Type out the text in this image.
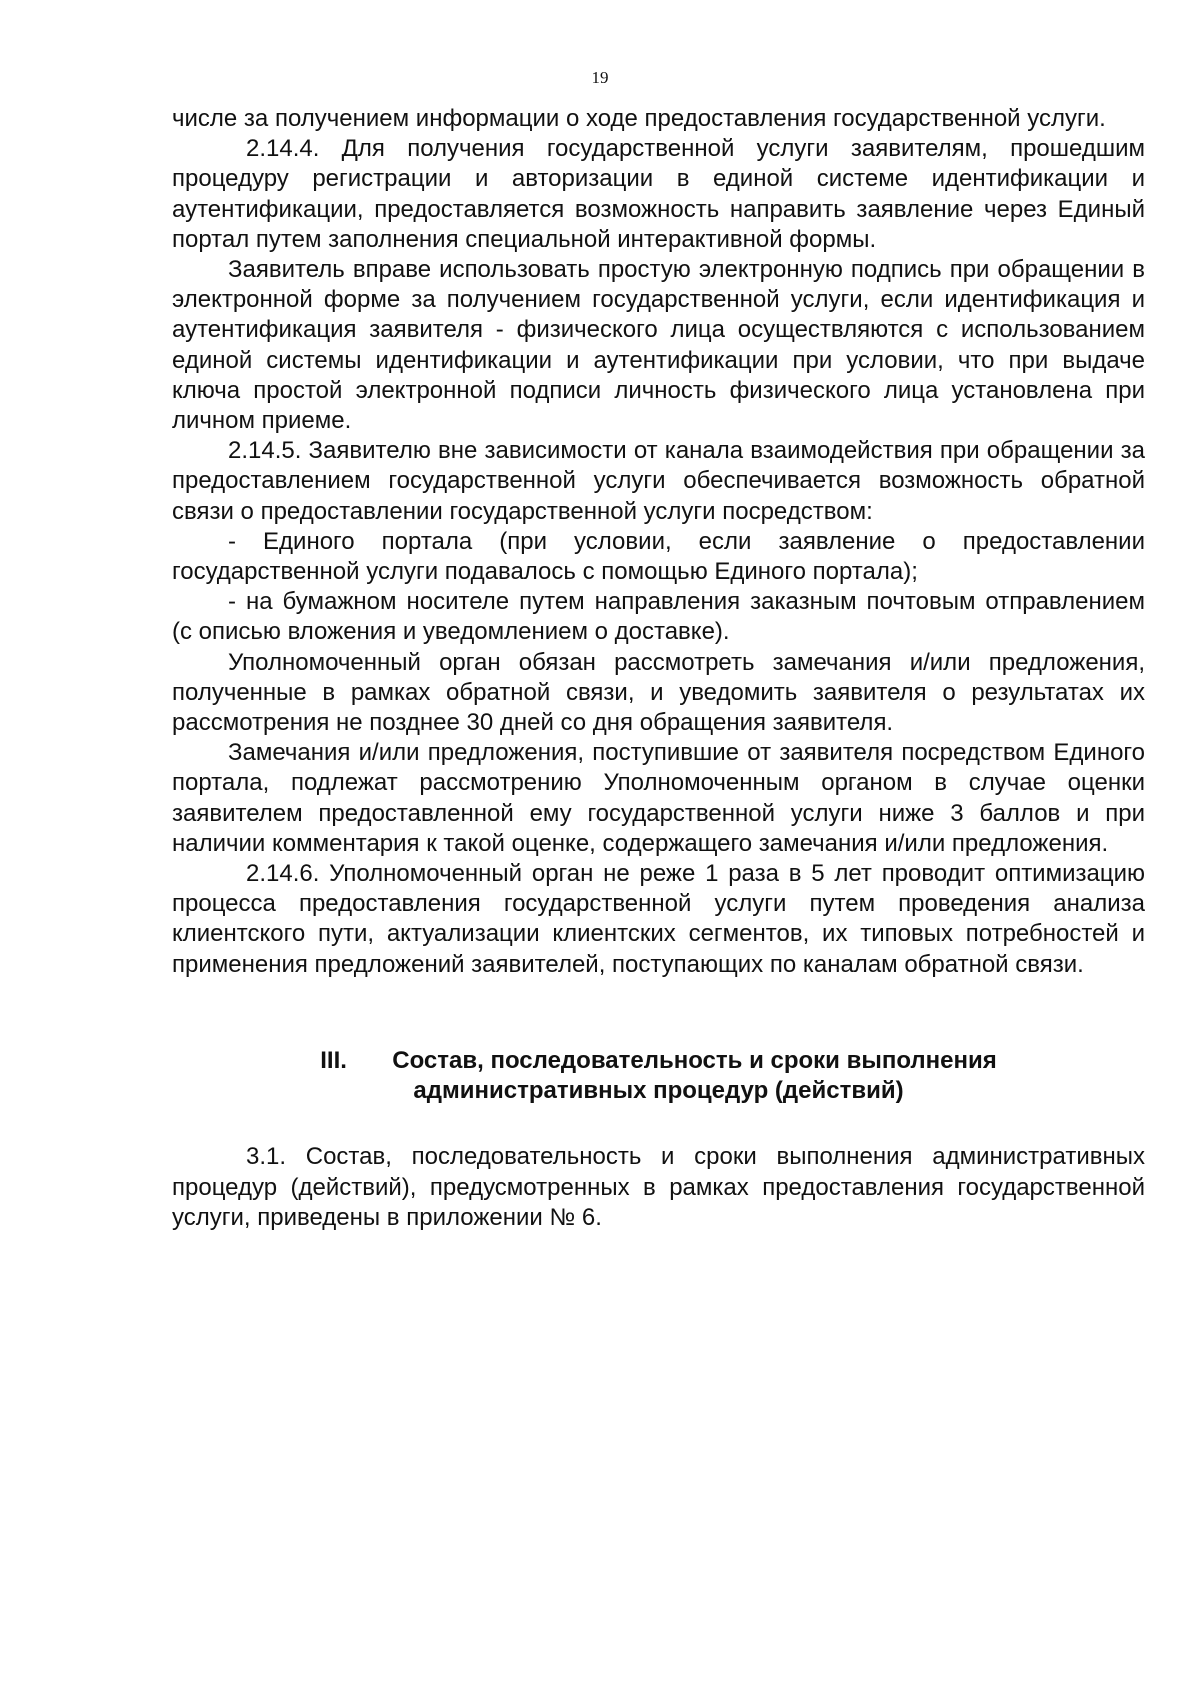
19

числе за получением информации о ходе предоставления государственной услуги.

2.14.4. Для получения государственной услуги заявителям, прошедшим процедуру регистрации и авторизации в единой системе идентификации и аутентификации, предоставляется возможность направить заявление через Единый портал путем заполнения специальной интерактивной формы.

Заявитель вправе использовать простую электронную подпись при обращении в электронной форме за получением государственной услуги, если идентификация и аутентификация заявителя - физического лица осуществляются с использованием единой системы идентификации и аутентификации при условии, что при выдаче ключа простой электронной подписи личность физического лица установлена при личном приеме.

2.14.5. Заявителю вне зависимости от канала взаимодействия при обращении за предоставлением государственной услуги обеспечивается возможность обратной связи о предоставлении государственной услуги посредством:

- Единого портала (при условии, если заявление о предоставлении государственной услуги подавалось с помощью Единого портала);

- на бумажном носителе путем направления заказным почтовым отправлением (с описью вложения и уведомлением о доставке).

Уполномоченный орган обязан рассмотреть замечания и/или предложения, полученные в рамках обратной связи, и уведомить заявителя о результатах их рассмотрения не позднее 30 дней со дня обращения заявителя.

Замечания и/или предложения, поступившие от заявителя посредством Единого портала, подлежат рассмотрению Уполномоченным органом в случае оценки заявителем предоставленной ему государственной услуги ниже 3 баллов и при наличии комментария к такой оценке, содержащего замечания и/или предложения.

2.14.6. Уполномоченный орган не реже 1 раза в 5 лет проводит оптимизацию процесса предоставления государственной услуги путем проведения анализа клиентского пути, актуализации клиентских сегментов, их типовых потребностей и применения предложений заявителей, поступающих по каналам обратной связи.

III. Состав, последовательность и сроки выполнения
административных процедур (действий)

3.1. Состав, последовательность и сроки выполнения административных процедур (действий), предусмотренных в рамках предоставления государственной услуги, приведены в приложении № 6.
